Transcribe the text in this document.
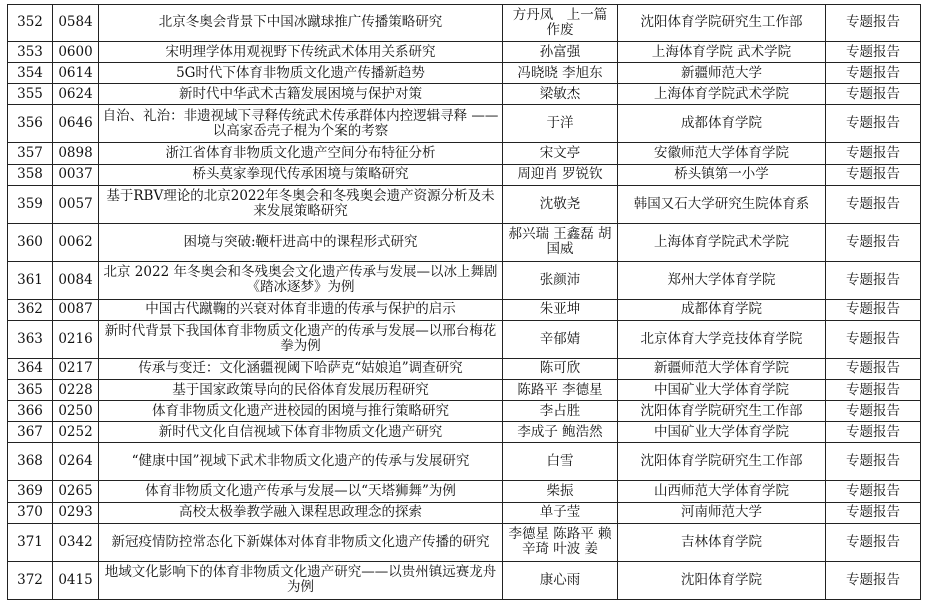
352	0584	北京冬奥会背景下中国冰蹴球推广传播策略研究	方丹凤　上一篇作废	沈阳体育学院研究生工作部	专题报告
353	0600	宋明理学体用观视野下传统武术体用关系研究	孙富强	上海体育学院 武术学院	专题报告
354	0614	5G时代下体育非物质文化遗产传播新趋势	冯晓晓 李旭东	新疆师范大学	专题报告
355	0624	新时代中华武术古籍发展困境与保护对策	梁敏杰	上海体育学院武术学院	专题报告
356	0646	自治、礼治：非遗视域下寻释传统武术传承群体内控逻辑寻释 ——以高家岙壳子棍为个案的考察	于洋	成都体育学院	专题报告
357	0898	浙江省体育非物质文化遗产空间分布特征分析	宋文亭	安徽师范大学体育学院	专题报告
358	0037	桥头莫家拳现代传承困境与策略研究	周迎肖 罗锐钦	桥头镇第一小学	专题报告
359	0057	基于RBV理论的北京2022年冬奥会和冬残奥会遗产资源分析及未来发展策略研究	沈敬尧	韩国又石大学研究生院体育系	专题报告
360	0062	困境与突破:鞭杆进高中的课程形式研究	郝兴瑞 王鑫磊 胡国威	上海体育学院武术学院	专题报告
361	0084	北京 2022 年冬奥会和冬残奥会文化遗产传承与发展—以冰上舞剧《踏冰逐梦》为例	张颜沛	郑州大学体育学院	专题报告
362	0087	中国古代蹴鞠的兴衰对体育非遗的传承与保护的启示	朱亚坤	成都体育学院	专题报告
363	0216	新时代背景下我国体育非物质文化遗产的传承与发展—以邢台梅花拳为例	辛郁婧	北京体育大学竞技体育学院	专题报告
364	0217	传承与变迁：文化涵疆视阈下哈萨克“姑娘追”调查研究	陈可欣	新疆师范大学体育学院	专题报告
365	0228	基于国家政策导向的民俗体育发展历程研究	陈路平 李德星	中国矿业大学体育学院	专题报告
366	0250	体育非物质文化遗产进校园的困境与推行策略研究	李占胜	沈阳体育学院研究生工作部	专题报告
367	0252	新时代文化自信视域下体育非物质文化遗产研究	李成子 鲍浩然	中国矿业大学体育学院	专题报告
368	0264	“健康中国”视域下武术非物质文化遗产的传承与发展研究	白雪	沈阳体育学院研究生工作部	专题报告
369	0265	体育非物质文化遗产传承与发展—以“天塔狮舞”为例	柴振	山西师范大学体育学院	专题报告
370	0293	高校太极拳教学融入课程思政理念的探索	单子莹	河南师范大学	专题报告
371	0342	新冠疫情防控常态化下新媒体对体育非物质文化遗产传播的研究	李德星 陈路平 赖辛琦 叶波 姜	吉林体育学院	专题报告
372	0415	地域文化影响下的体育非物质文化遗产研究——以贵州镇远赛龙舟为例	康心雨	沈阳体育学院	专题报告
